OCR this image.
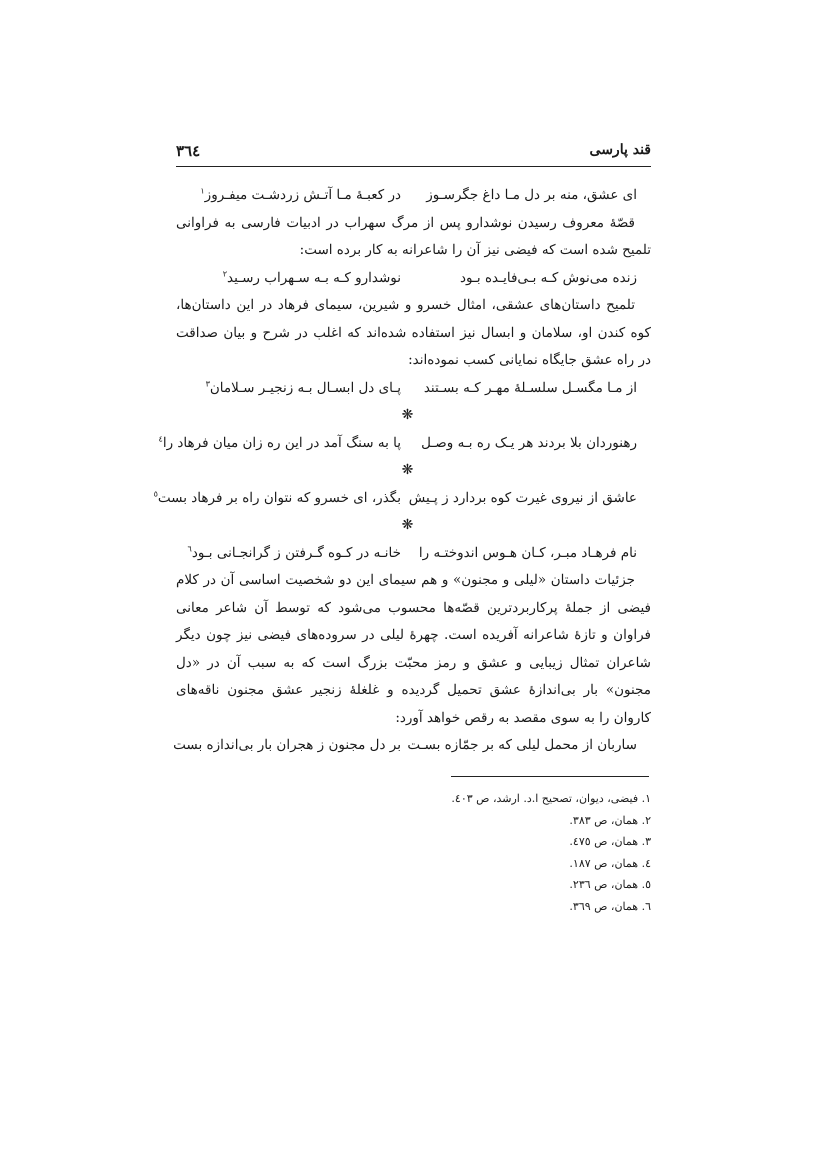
قند پارسی
٣٦٤
ای عشق، منه بر دل مـا داغ جگرسـوز
در کعبـۀ مـا آتـش زردشـت میفـروز$^١$

قصّۀ معروف رسیدن نوشدارو پس از مرگ سهراب در ادبیات فارسی به فراوانی تلمیح شده است که فیضی نیز آن را شاعرانه به کار برده است:

زنده می‌نوش کـه بـی‌فایـده بـود
نوشدارو کـه بـه سـهراب رسـید$^٢$

تلمیح داستان‌های عشقی، امثال خسرو و شیرین، سیمای فرهاد در این داستان‌ها، کوه کندن او، سلامان و ابسال نیز استفاده شده‌اند که اغلب در شرح و بیان صداقت در راه عشق جایگاه نمایانی کسب نموده‌اند:

از مـا مگسـل سلسـلۀ مهـر کـه بسـتند
پـای دل ابسـال بـه زنجیـر سـلامان$^٣$
❋
رهنوردان بلا بردند هر یـک ره بـه وصـل
پا به سنگ آمد در این ره زان میان فرهاد را$^٤$
❋
عاشق از نیروی غیرت کوه بردارد ز پـیش
بگذر، ای خسرو که نتوان راه بر فرهاد بست$^٥$
❋
نام فرهـاد مبـر، کـان هـوس اندوختـه را
خانـه در کـوه گـرفتن ز گرانجـانی بـود$^٦$

جزئیات داستان «لیلی و مجنون» و هم سیمای این دو شخصیت اساسی آن در کلام فیضی از جملۀ پرکاربردترین قصّه‌ها محسوب می‌شود که توسط آن شاعر معانی فراوان و تازۀ شاعرانه آفریده است. چهرۀ لیلی در سروده‌های فیضی نیز چون دیگر شاعران تمثال زیبایی و عشق و رمز محبّت بزرگ است که به سبب آن در «دل مجنون» بار بی‌اندازۀ عشق تحمیل گردیده و غلغلۀ زنجیر عشق مجنون ناقه‌های کاروان را به سوی مقصد به رقص خواهد آورد:

ساربان از محمل لیلی که بر جمّازه بسـت
بر دل مجنون ز هجران بار بی‌اندازه بست
١. فیضی، دیوان، تصحیح ا.د. ارشد، ص ٤٠٣.
٢. همان، ص ٣٨٣.
٣. همان، ص ٤٧٥.
٤. همان، ص ١٨٧.
٥. همان، ص ٢٣٦.
٦. همان، ص ٣٦٩.
